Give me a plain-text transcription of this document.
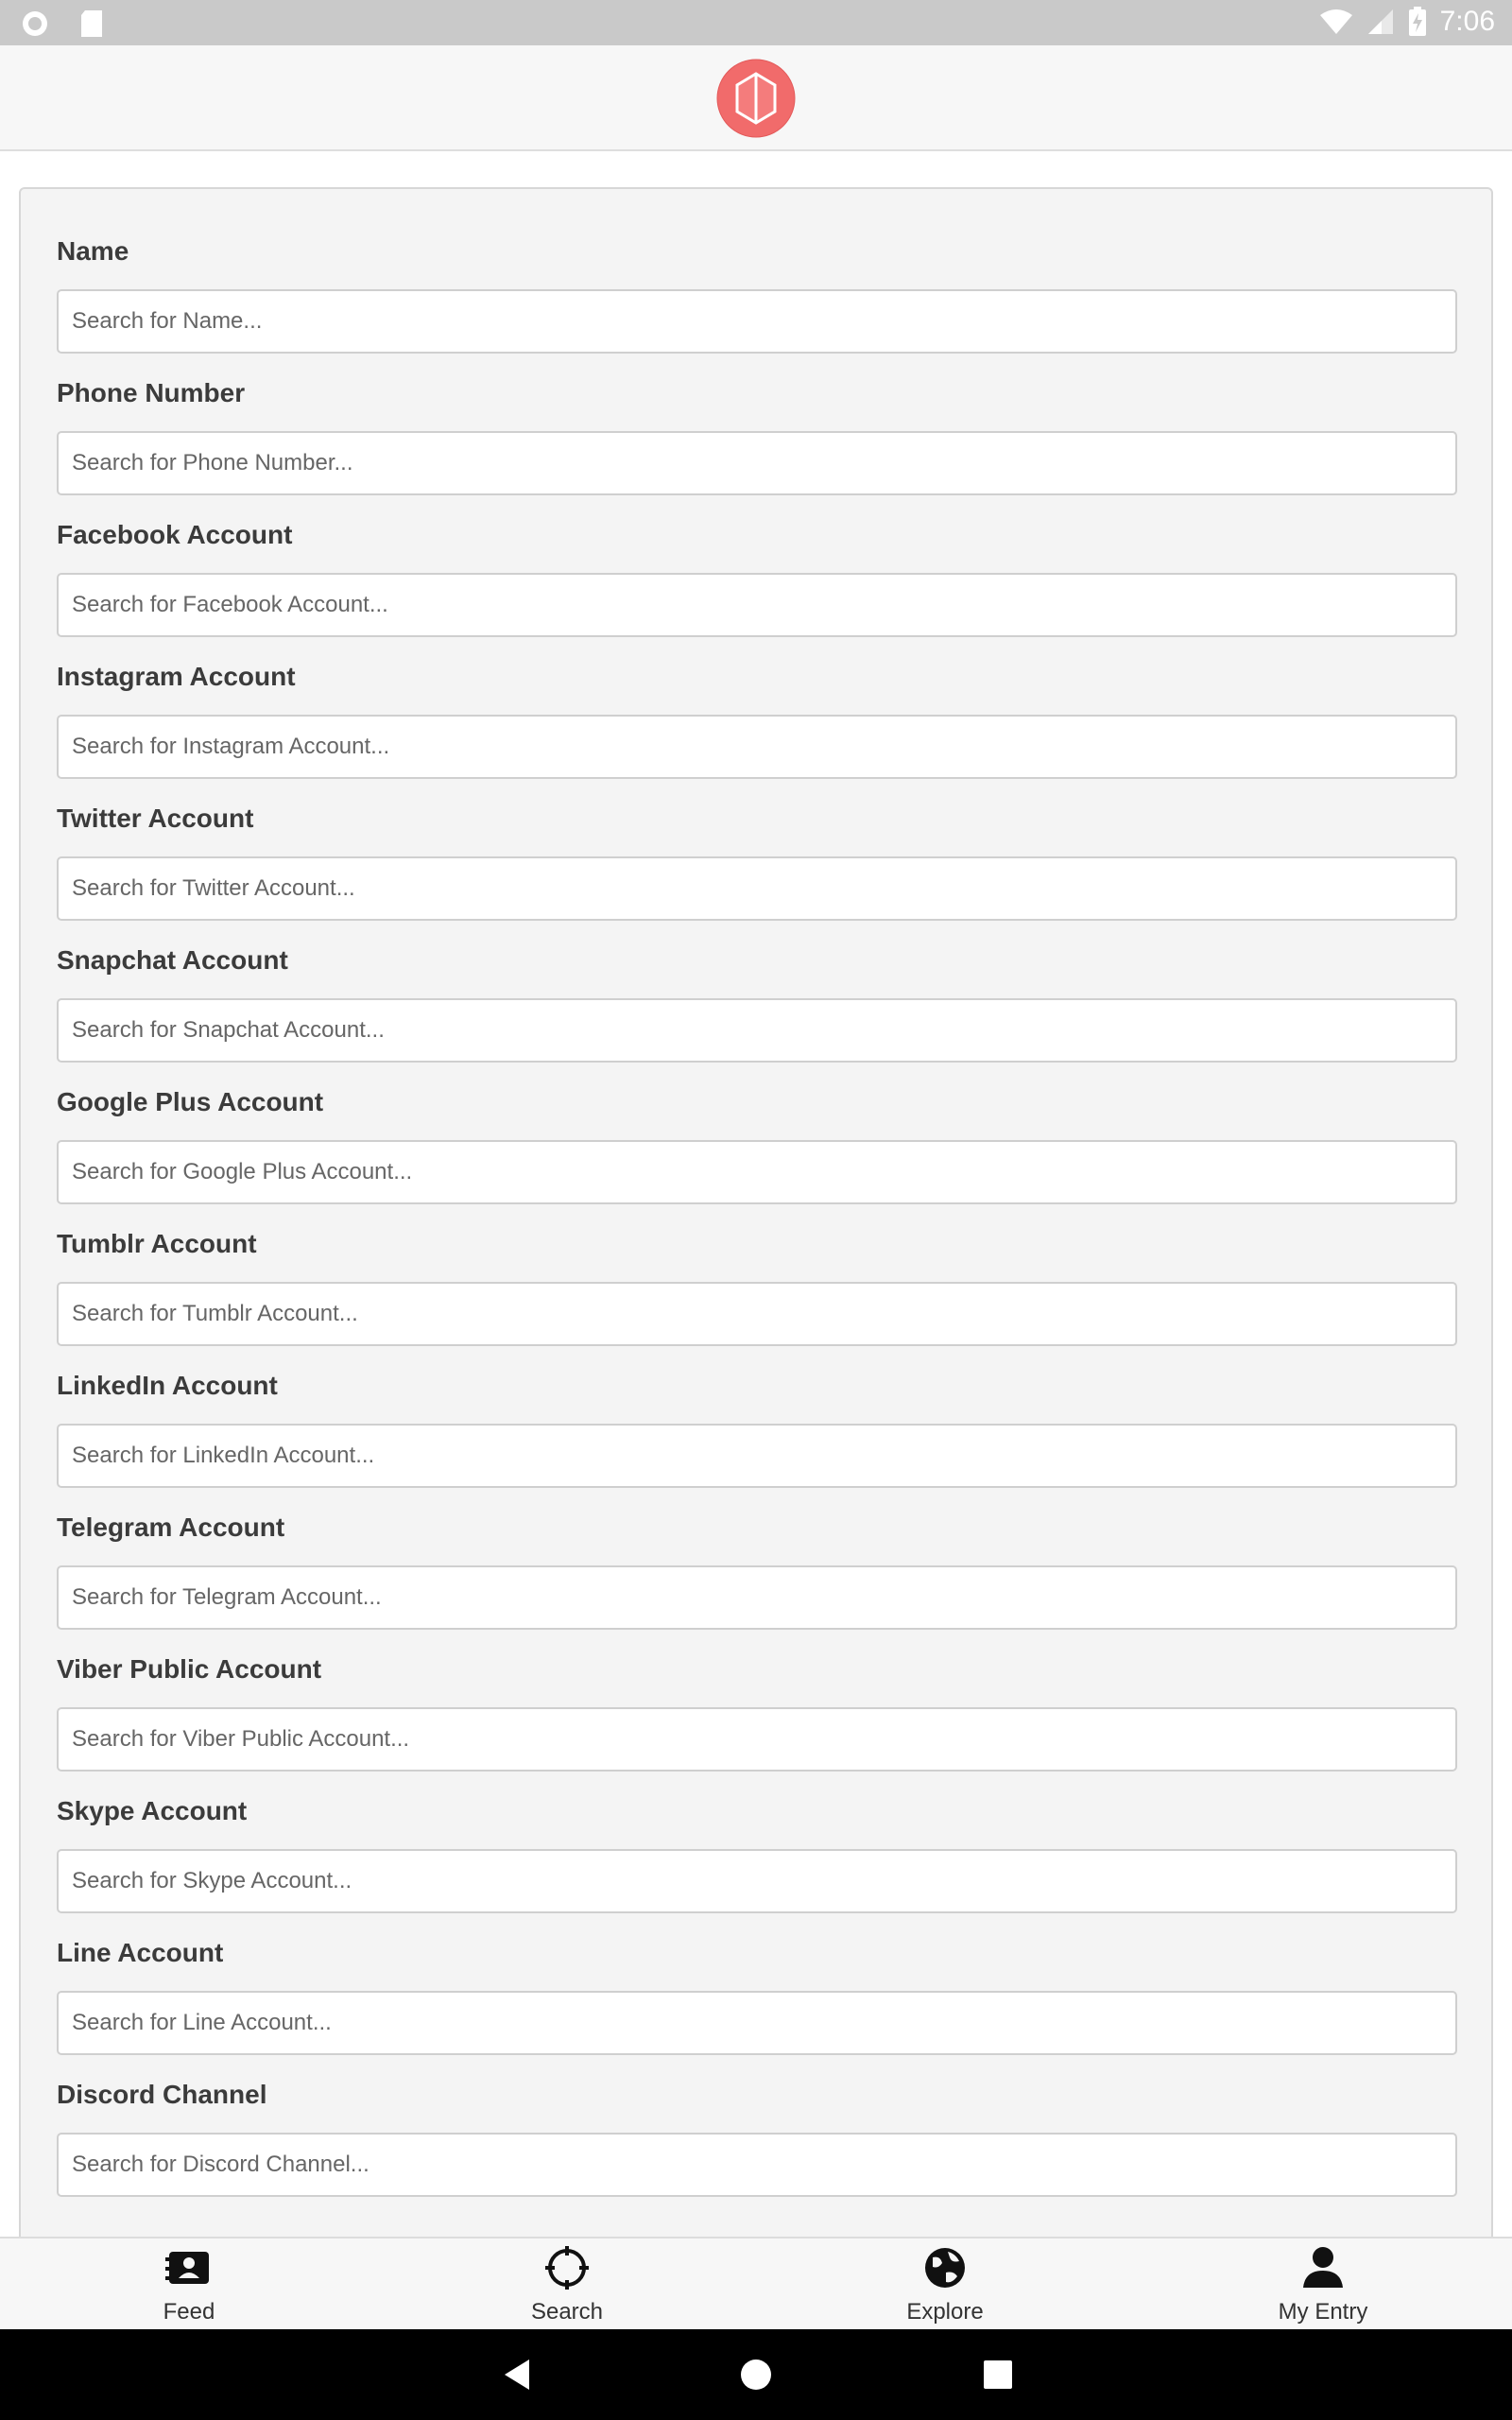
7:06
Name
Search for Name...
Phone Number
Search for Phone Number...
Facebook Account
Search for Facebook Account...
Instagram Account
Search for Instagram Account...
Twitter Account
Search for Twitter Account...
Snapchat Account
Search for Snapchat Account...
Google Plus Account
Search for Google Plus Account...
Tumblr Account
Search for Tumblr Account...
LinkedIn Account
Search for LinkedIn Account...
Telegram Account
Search for Telegram Account...
Viber Public Account
Search for Viber Public Account...
Skype Account
Search for Skype Account...
Line Account
Search for Line Account...
Discord Channel
Search for Discord Channel...
Feed	Search	Explore	My Entry
